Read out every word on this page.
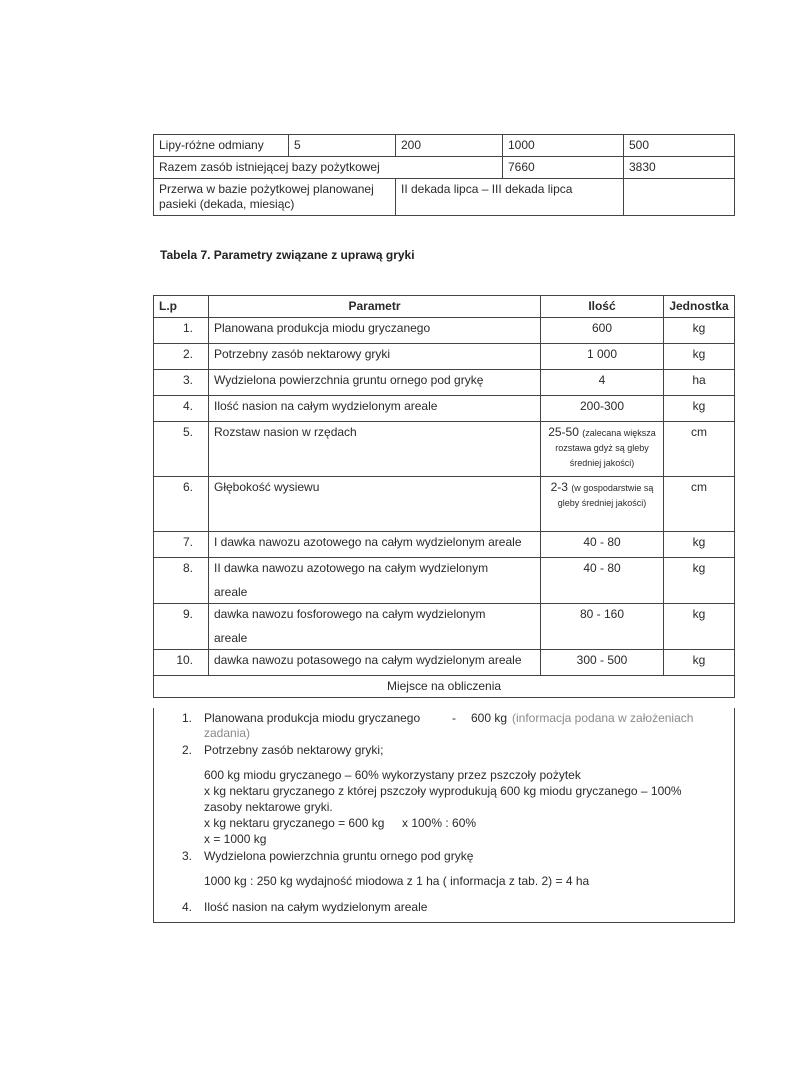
Lipy-różne odmiany	5	200	1000	500
Razem zasób istniejącej bazy pożytkowej			7660	3830
Przerwa w bazie pożytkowej planowanej pasieki (dekada, miesiąc)		II dekada lipca – III dekada lipca		
Tabela 7. Parametry związane z uprawą gryki
L.p	Parametr	Ilość	Jednostka
1.	Planowana produkcja miodu gryczanego	600	kg
2.	Potrzebny zasób nektarowy gryki	1 000	kg
3.	Wydzielona powierzchnia gruntu ornego pod grykę	4	ha
4.	Ilość nasion na całym wydzielonym areale	200-300	kg
5.	Rozstaw nasion w rzędach	25-50 (zalecana większa rozstawa gdyż są gleby średniej jakości)	cm
6.	Głębokość wysiewu	2-3 (w gospodarstwie są gleby średniej jakości)	cm
7.	I dawka nawozu azotowego na całym wydzielonym areale	40 - 80	kg
8.	II dawka nawozu azotowego na całym wydzielonym
areale	40 - 80	kg
9.	dawka nawozu fosforowego na całym wydzielonym
areale	80 - 160	kg
10.	dawka nawozu potasowego na całym wydzielonym areale	300 - 500	kg
Miejsce na obliczenia			
1. Planowana produkcja miodu gryczanego	- 600 kg (informacja podana w założeniach
zadania)
2. Potrzebny zasób nektarowy gryki;
600 kg miodu gryczanego – 60% wykorzystany przez pszczoły pożytek
x kg nektaru gryczanego z której pszczoły wyprodukują 600 kg miodu gryczanego – 100%
zasoby nektarowe gryki.
x kg nektaru gryczanego = 600 kg x 100% : 60%
x = 1000 kg
3. Wydzielona powierzchnia gruntu ornego pod grykę
1000 kg : 250 kg wydajność miodowa z 1 ha ( informacja z tab. 2) = 4 ha
4. Ilość nasion na całym wydzielonym areale
